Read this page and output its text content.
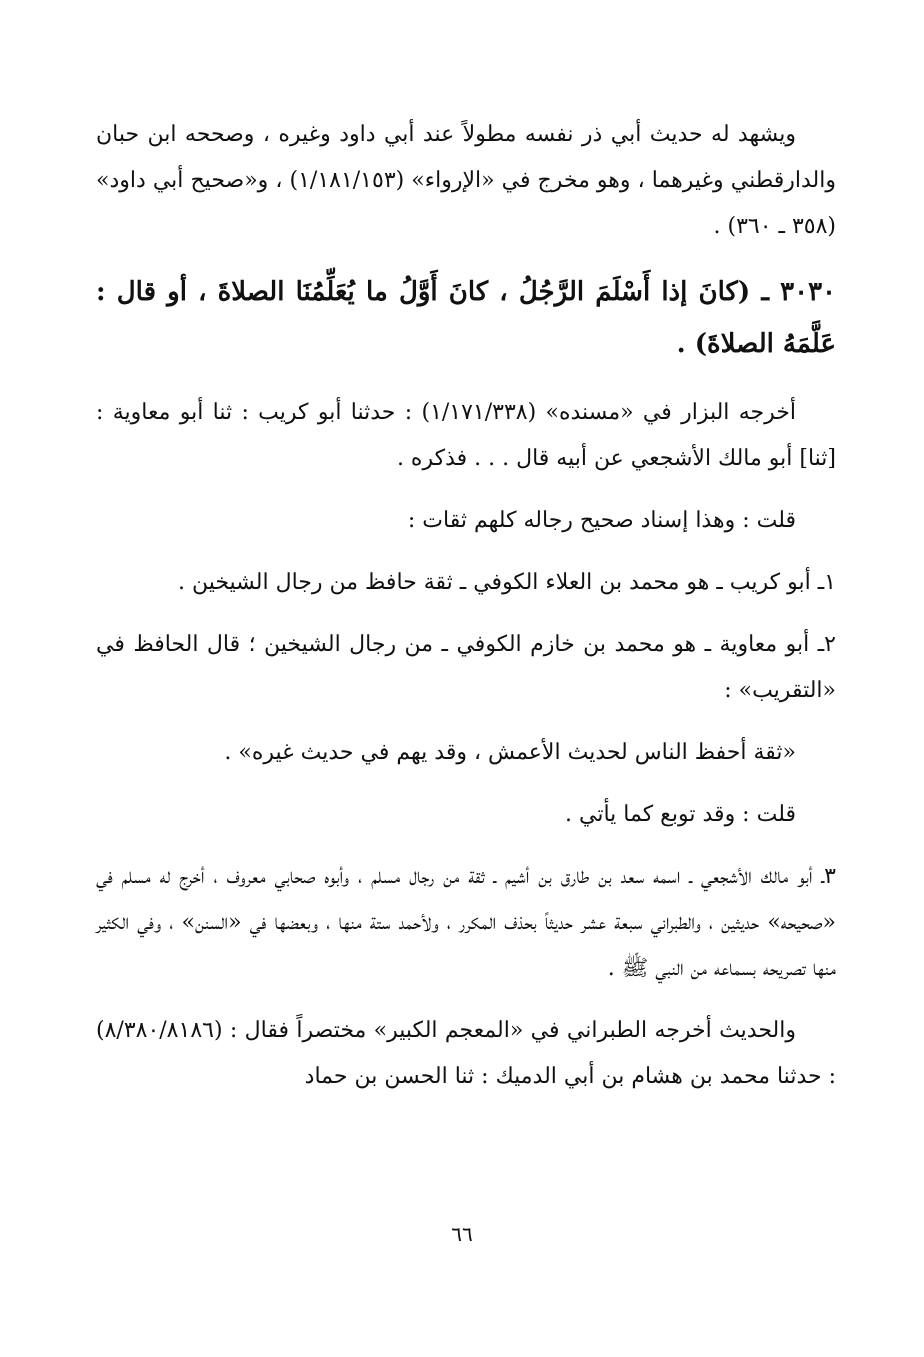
ويشهد له حديث أبي ذر نفسه مطولاً عند أبي داود وغيره ، وصححه ابن حبان والدارقطني وغيرهما ، وهو مخرج في «الإرواء» (١/١٨١/١٥٣) ، و«صحيح أبي داود» (٣٥٨ ـ ٣٦٠) .

٣٠٣٠ ـ (كانَ إذا أَسْلَمَ الرَّجُلُ ، كانَ أَوَّلُ ما يُعَلِّمُنَا الصلاةَ ، أو قال : عَلَّمَهُ الصلاةَ) .

أخرجه البزار في «مسنده» (١/١٧١/٣٣٨) : حدثنا أبو كريب : ثنا أبو معاوية : [ثنا] أبو مالك الأشجعي عن أبيه قال . . . فذكره .

قلت : وهذا إسناد صحيح رجاله كلهم ثقات :

١ـ أبو كريب ـ هو محمد بن العلاء الكوفي ـ ثقة حافظ من رجال الشيخين .

٢ـ أبو معاوية ـ هو محمد بن خازم الكوفي ـ من رجال الشيخين ؛ قال الحافظ في «التقريب» :

«ثقة أحفظ الناس لحديث الأعمش ، وقد يهم في حديث غيره» .

قلت : وقد توبع كما يأتي .

٣ـ أبو مالك الأشجعي ـ اسمه سعد بن طارق بن أشيم ـ ثقة من رجال مسلم ، وأبوه صحابي معروف ، أخرج له مسلم في «صحيحه» حديثين ، والطبراني سبعة عشر حديثاً بحذف المكرر ، ولأحمد ستة منها ، وبعضها في «السنن» ، وفي الكثير منها تصريحه بسماعه من النبي ﷺ .

والحديث أخرجه الطبراني في «المعجم الكبير» مختصراً فقال : (٨/٣٨٠/٨١٨٦) : حدثنا محمد بن هشام بن أبي الدميك : ثنا الحسن بن حماد

٦٦
